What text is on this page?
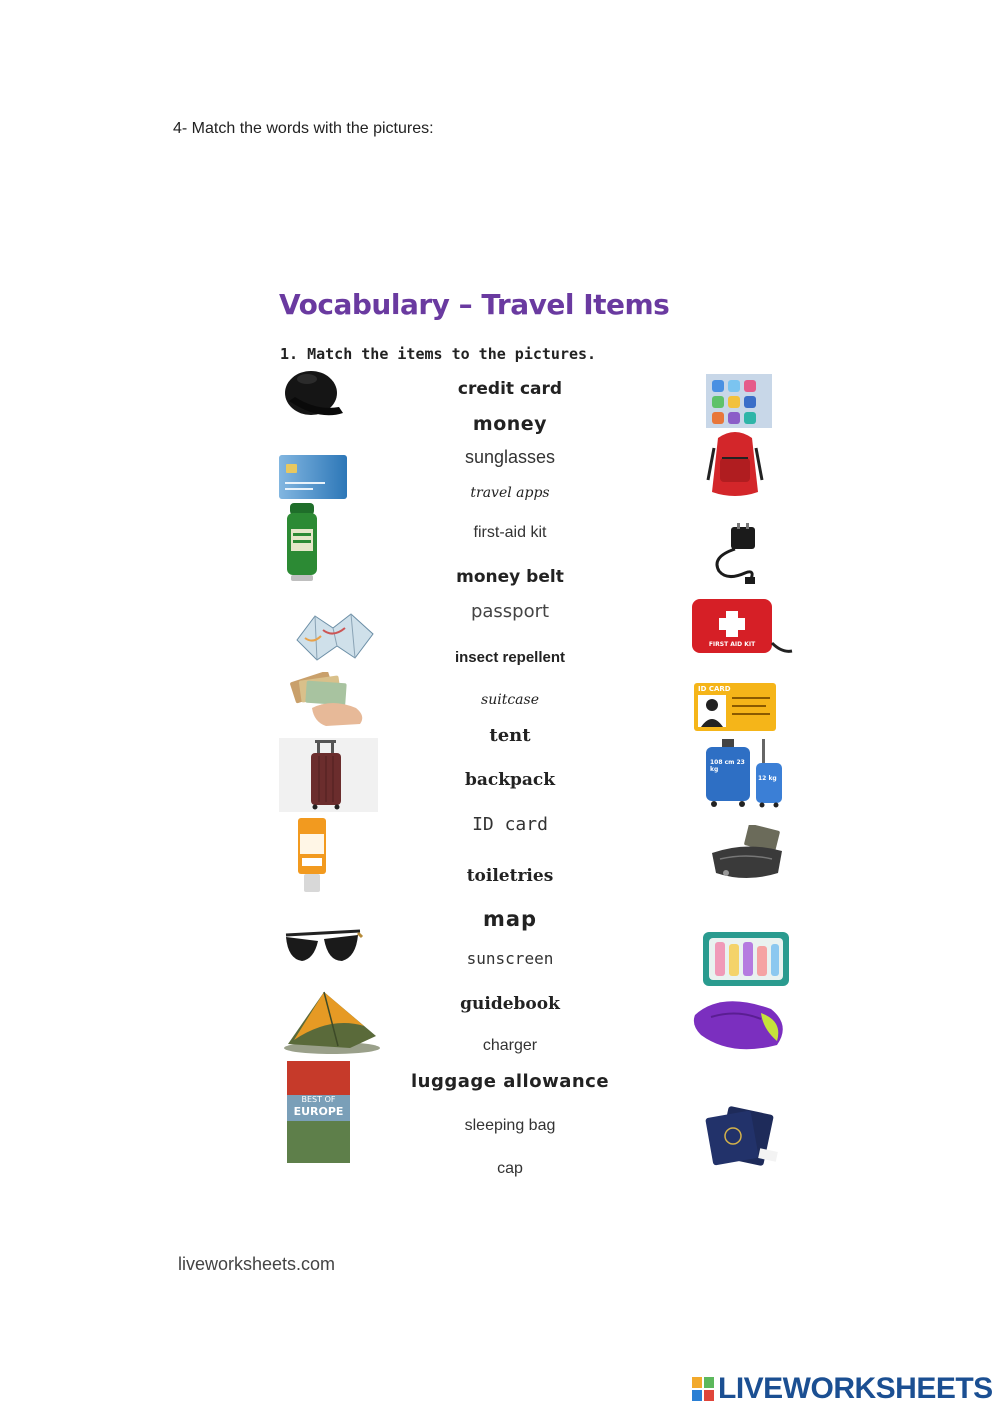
4- Match the words with the pictures:
Vocabulary – Travel Items
1. Match the items to the pictures.
credit card
money
sunglasses
travel apps
first-aid kit
money belt
passport
insect repellent
suitcase
tent
backpack
ID card
toiletries
map
sunscreen
guidebook
charger
luggage allowance
sleeping bag
cap
BEST OF
EUROPE
FIRST AID KIT
ID CARD
108 cm 23 kg
12 kg
liveworksheets.com
LIVEWORKSHEETS
